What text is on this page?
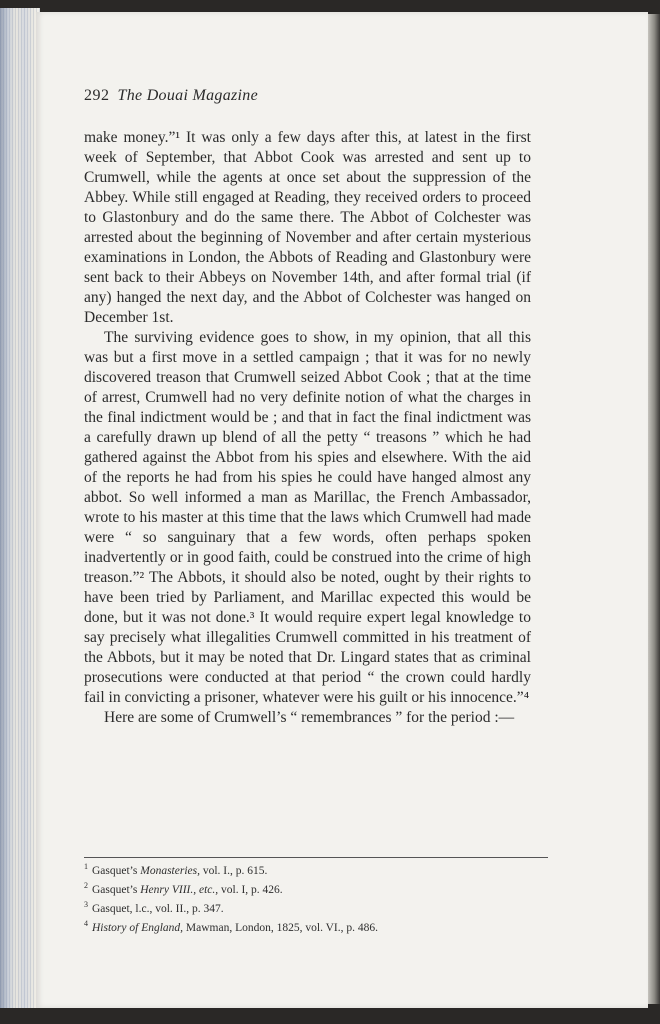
292 The Douai Magazine

make money.”¹ It was only a few days after this, at latest in the first week of September, that Abbot Cook was arrested and sent up to Crumwell, while the agents at once set about the suppression of the Abbey. While still engaged at Reading, they received orders to proceed to Glastonbury and do the same there. The Abbot of Colchester was arrested about the beginning of November and after certain mysterious examinations in London, the Abbots of Reading and Glastonbury were sent back to their Abbeys on November 14th, and after formal trial (if any) hanged the next day, and the Abbot of Colchester was hanged on December 1st.

The surviving evidence goes to show, in my opinion, that all this was but a first move in a settled campaign ; that it was for no newly discovered treason that Crumwell seized Abbot Cook ; that at the time of arrest, Crumwell had no very definite notion of what the charges in the final indictment would be ; and that in fact the final indictment was a carefully drawn up blend of all the petty “ treasons ” which he had gathered against the Abbot from his spies and elsewhere. With the aid of the reports he had from his spies he could have hanged almost any abbot. So well informed a man as Marillac, the French Ambassador, wrote to his master at this time that the laws which Crumwell had made were “ so sanguinary that a few words, often perhaps spoken inadvertently or in good faith, could be construed into the crime of high treason.”² The Abbots, it should also be noted, ought by their rights to have been tried by Parliament, and Marillac expected this would be done, but it was not done.³ It would require expert legal knowledge to say precisely what illegalities Crumwell committed in his treatment of the Abbots, but it may be noted that Dr. Lingard states that as criminal prosecutions were conducted at that period “ the crown could hardly fail in convicting a prisoner, whatever were his guilt or his innocence.”⁴

Here are some of Crumwell’s “ remembrances ” for the period :—

$^1$ Gasquet’s Monasteries, vol. I., p. 615.
$^2$ Gasquet’s Henry VIII., etc., vol. I, p. 426.
$^3$ Gasquet, l.c., vol. II., p. 347.
$^4$ History of England, Mawman, London, 1825, vol. VI., p. 486.
